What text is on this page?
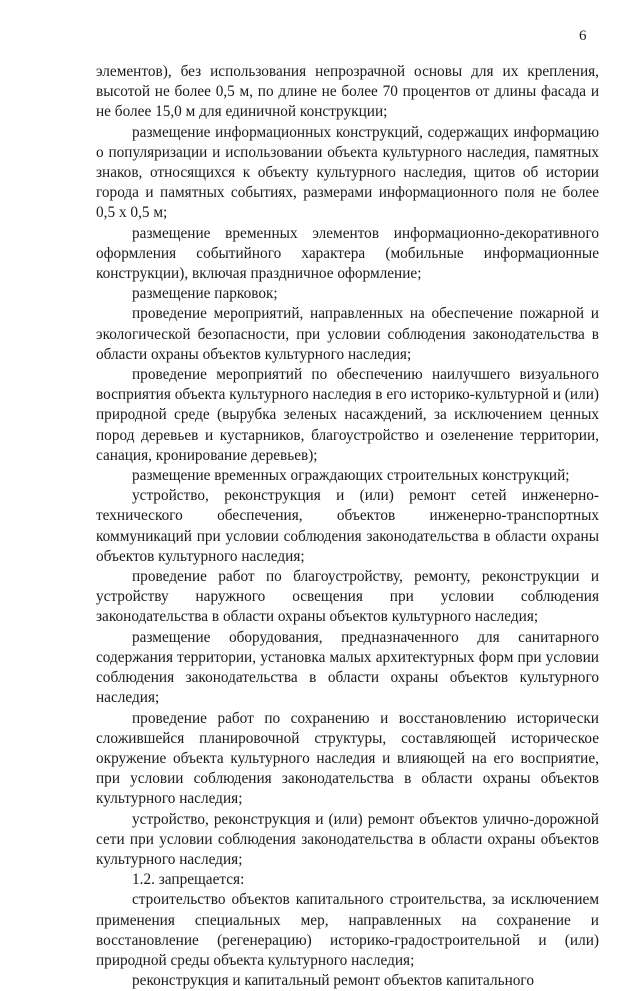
6

элементов), без использования непрозрачной основы для их крепления, высотой не более 0,5 м, по длине не более 70 процентов от длины фасада и не более 15,0 м для единичной конструкции;

размещение информационных конструкций, содержащих информацию о популяризации и использовании объекта культурного наследия, памятных знаков, относящихся к объекту культурного наследия, щитов об истории города и памятных событиях, размерами информационного поля не более 0,5 х 0,5 м;

размещение временных элементов информационно-декоративного оформления событийного характера (мобильные информационные конструкции), включая праздничное оформление;

размещение парковок;

проведение мероприятий, направленных на обеспечение пожарной и экологической безопасности, при условии соблюдения законодательства в области охраны объектов культурного наследия;

проведение мероприятий по обеспечению наилучшего визуального восприятия объекта культурного наследия в его историко-культурной и (или) природной среде (вырубка зеленых насаждений, за исключением ценных пород деревьев и кустарников, благоустройство и озеленение территории, санация, кронирование деревьев);

размещение временных ограждающих строительных конструкций;

устройство, реконструкция и (или) ремонт сетей инженерно-технического обеспечения, объектов инженерно-транспортных коммуникаций при условии соблюдения законодательства в области охраны объектов культурного наследия;

проведение работ по благоустройству, ремонту, реконструкции и устройству наружного освещения при условии соблюдения законодательства в области охраны объектов культурного наследия;

размещение оборудования, предназначенного для санитарного содержания территории, установка малых архитектурных форм при условии соблюдения законодательства в области охраны объектов культурного наследия;

проведение работ по сохранению и восстановлению исторически сложившейся планировочной структуры, составляющей историческое окружение объекта культурного наследия и влияющей на его восприятие, при условии соблюдения законодательства в области охраны объектов культурного наследия;

устройство, реконструкция и (или) ремонт объектов улично-дорожной сети при условии соблюдения законодательства в области охраны объектов культурного наследия;

1.2. запрещается:

строительство объектов капитального строительства, за исключением применения специальных мер, направленных на сохранение и восстановление (регенерацию) историко-градостроительной и (или) природной среды объекта культурного наследия;

реконструкция и капитальный ремонт объектов капитального
